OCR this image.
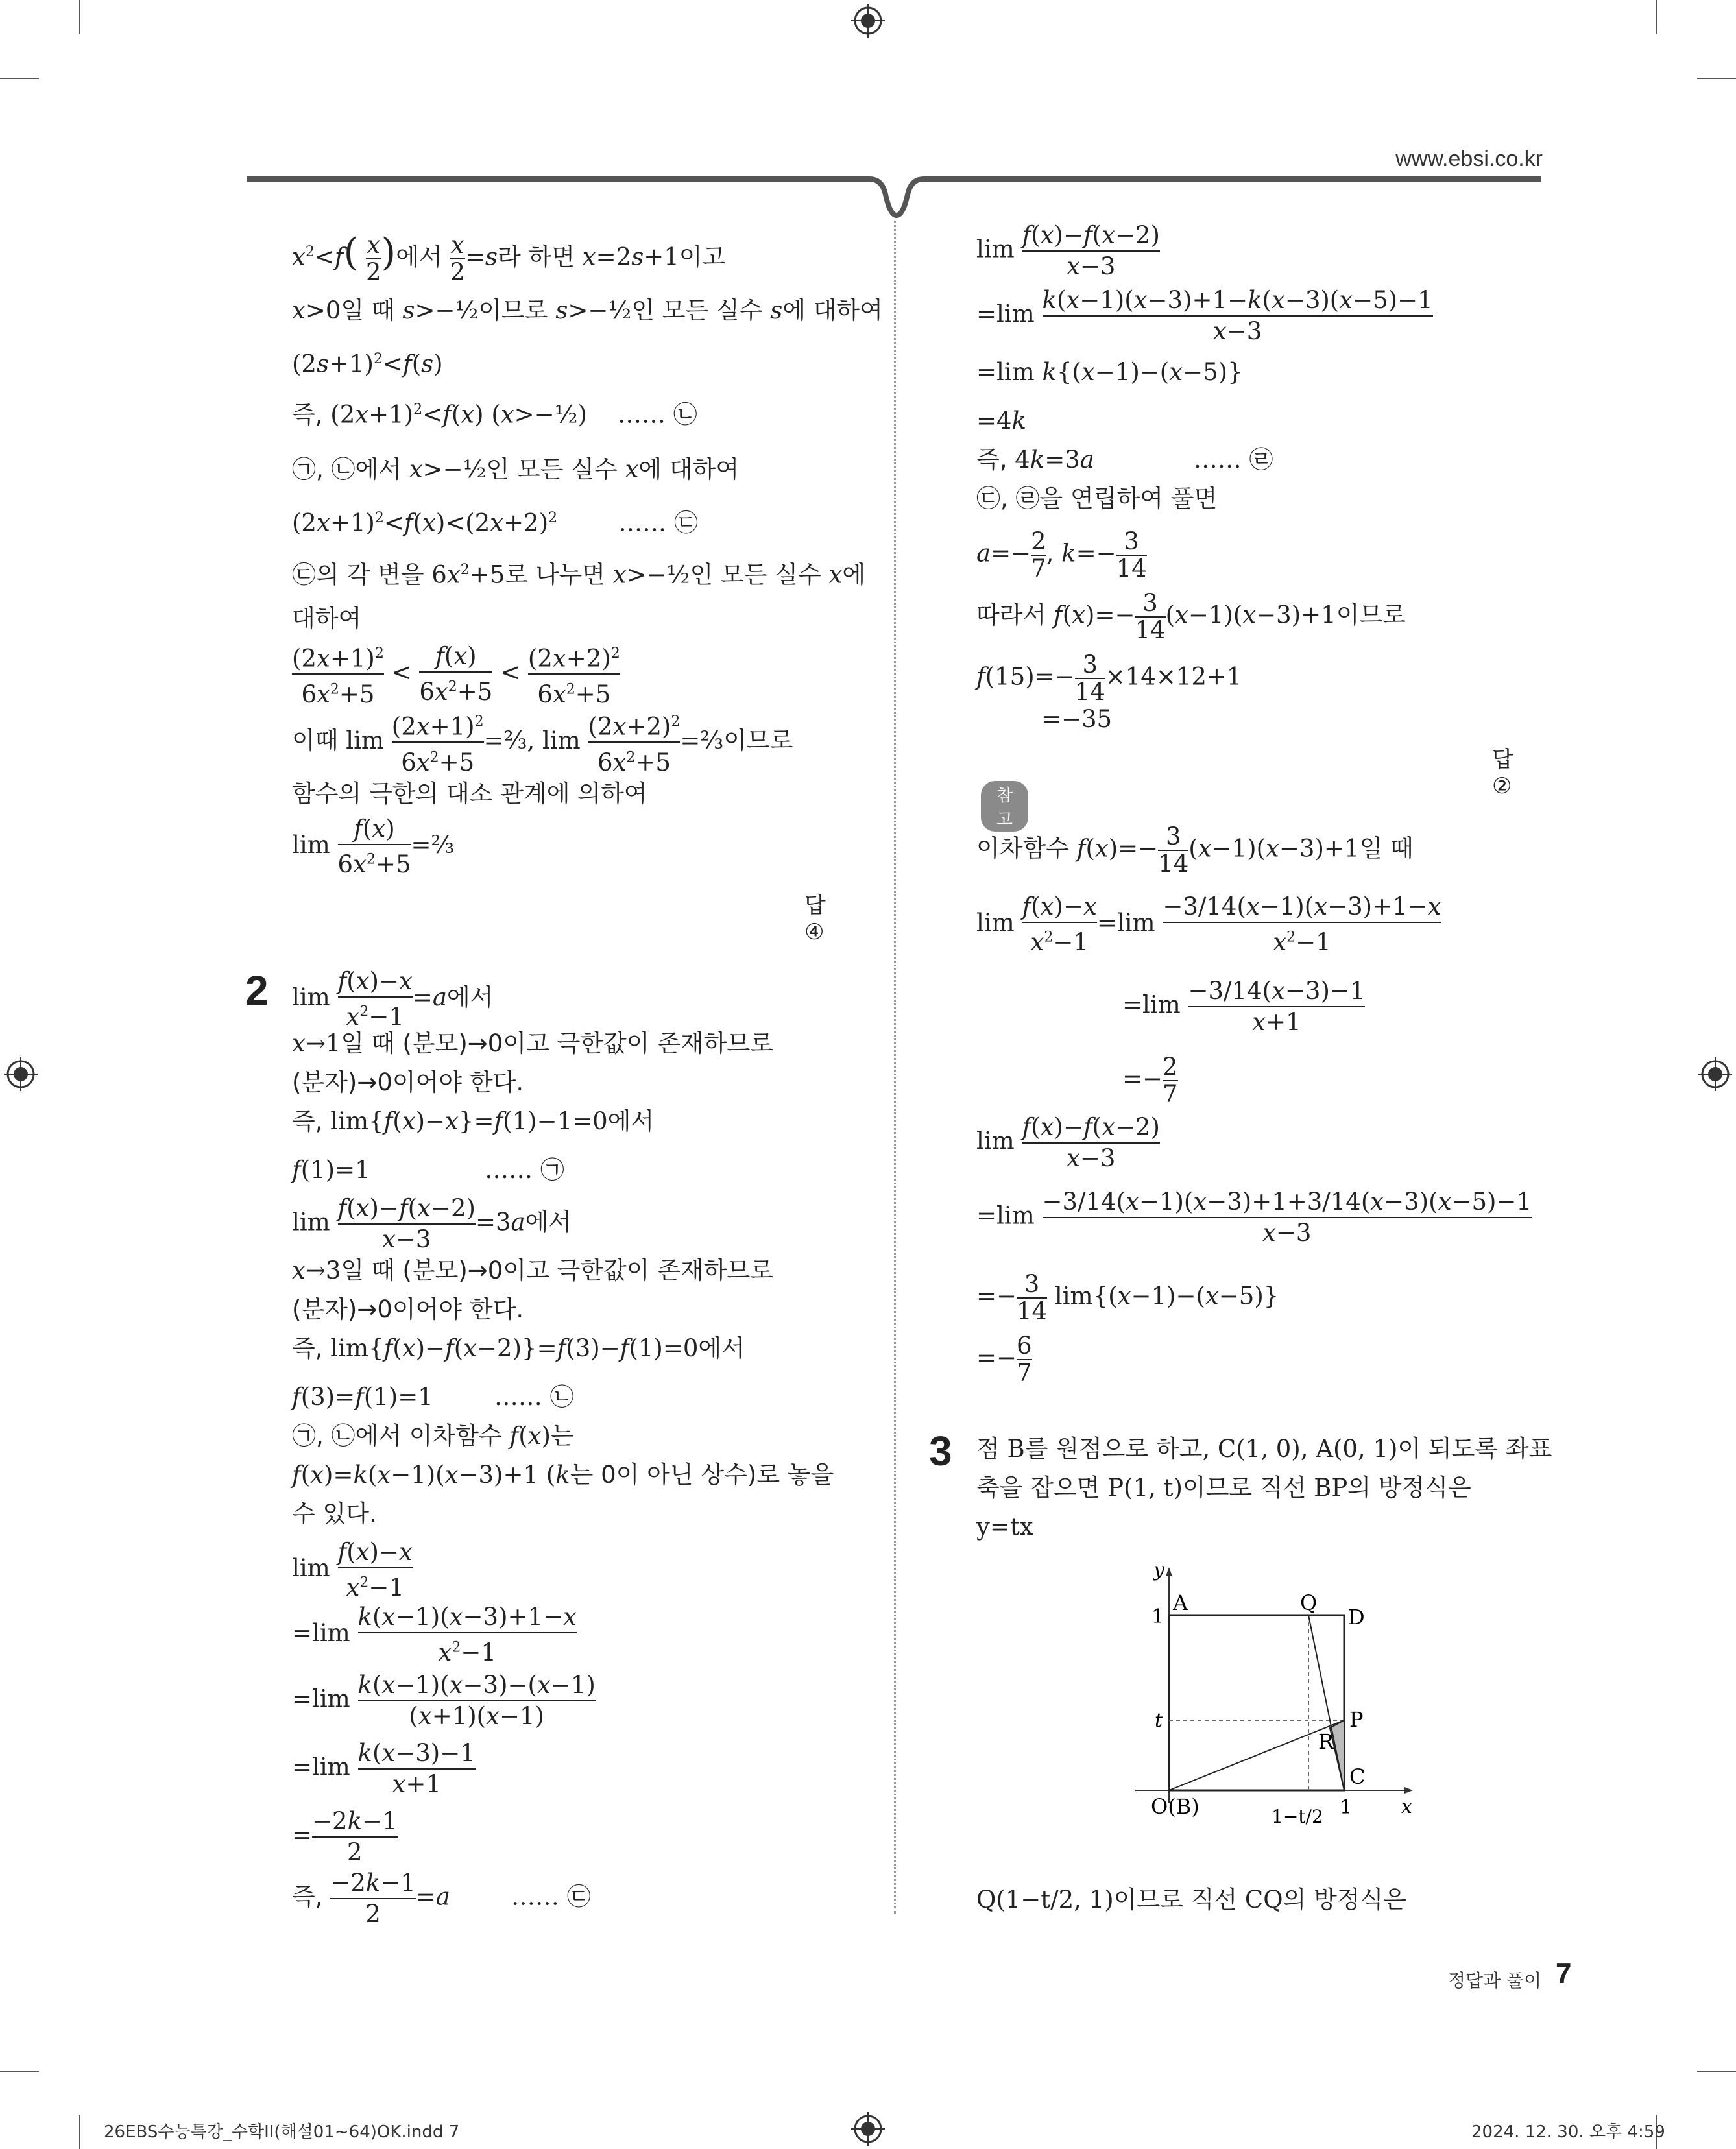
www.ebsi.co.kr
$x^2<f( \frac{x}{2})$에서 $\frac{x}{2}=s$라 하면 x=2s+1이고
x>0일 때 s>−½이므로 s>−½인 모든 실수 s에 대하여
$(2s+1)^2<f(s)$
즉, $(2x+1)^2<f(x)$ (x>−½)    …… ㉡
㉠, ㉡에서 x>−½인 모든 실수 x에 대하여
$(2x+1)^2<f(x)<(2x+2)^2$        …… ㉢
㉢의 각 변을 $6x^2+5$로 나누면 x>−½인 모든 실수 x에
대하여
$\frac{(2x+1)^2}{6x^2+5} < \frac{f(x)}{6x^2+5} < \frac{(2x+2)^2}{6x^2+5}$
이때 $\lim \frac{(2x+1)^2}{6x^2+5}=\frac{2}{3}$, $\lim \frac{(2x+2)^2}{6x^2+5}=\frac{2}{3}$이므로
함수의 극한의 대소 관계에 의하여
$\lim \frac{f(x)}{6x^2+5}=\frac{2}{3}$
답 ④
2 $\lim \frac{f(x)-x}{x^2-1}=a$에서
x→1일 때 (분모)→0이고 극한값이 존재하므로
(분자)→0이어야 한다.
즉, lim{f(x)−x}=f(1)−1=0에서
f(1)=1               …… ㉠
$\lim \frac{f(x)-f(x-2)}{x-3}=3a$에서
x→3일 때 (분모)→0이고 극한값이 존재하므로
(분자)→0이어야 한다.
즉, lim{f(x)−f(x−2)}=f(3)−f(1)=0에서
f(3)=f(1)=1        …… ㉡
㉠, ㉡에서 이차함수 f(x)는
f(x)=k(x−1)(x−3)+1 (k는 0이 아닌 상수)로 놓을
수 있다.
$\lim \frac{f(x)-x}{x^2-1}$
$=\lim \frac{k(x-1)(x-3)+1-x}{x^2-1}$
$=\lim \frac{k(x-1)(x-3)-(x-1)}{(x+1)(x-1)}$
$=\lim \frac{k(x-3)-1}{x+1}$
= $\frac{-2k-1}{2}$
즉, $\frac{-2k-1}{2}=a$        …… ㉢
$\lim \frac{f(x)-f(x-2)}{x-3}$
$=\lim \frac{k(x-1)(x-3)+1-k(x-3)(x-5)-1}{x-3}$
=lim k{(x−1)−(x−5)}
=4k
즉, 4k=3a             …… ㉣
㉢, ㉣을 연립하여 풀면
$a=- \frac{2}{7}$, $k=- \frac{3}{14}$
따라서 $f(x)=- \frac{3}{14}(x-1)(x-3)+1$이므로
$f(15)=- \frac{3}{14}\times 14\times 12+1$
=−35
답 ②
참고
이차함수 $f(x)=- \frac{3}{14}(x-1)(x-3)+1$일 때
$\lim \frac{f(x)-x}{x^2-1}=\lim \frac{-3/14(x-1)(x-3)+1-x}{x^2-1}$
$=\lim \frac{-3/14(x-3)-1}{x+1}$
=− $\frac{2}{7}$
$\lim \frac{f(x)-f(x-2)}{x-3}$
$=\lim \frac{-3/14(x-1)(x-3)+1+3/14(x-3)(x-5)-1}{x-3}$
=− $\frac{3}{14} \lim\{(x-1)-(x-5)\}$
=− $\frac{6}{7}$
3 점 B를 원점으로 하고, C(1, 0), A(0, 1)이 되도록 좌표
축을 잡으면 P(1, t)이므로 직선 BP의 방정식은
y=tx
y
x
A	Q
D
P
R
C
O(B)
1
t
1
1−t/2
Q(1−t/2, 1)이므로 직선 CQ의 방정식은
정답과 풀이 7
26EBS수능특강_수학II(해설01~64)OK.indd 7	2024. 12. 30. 오후 4:59
